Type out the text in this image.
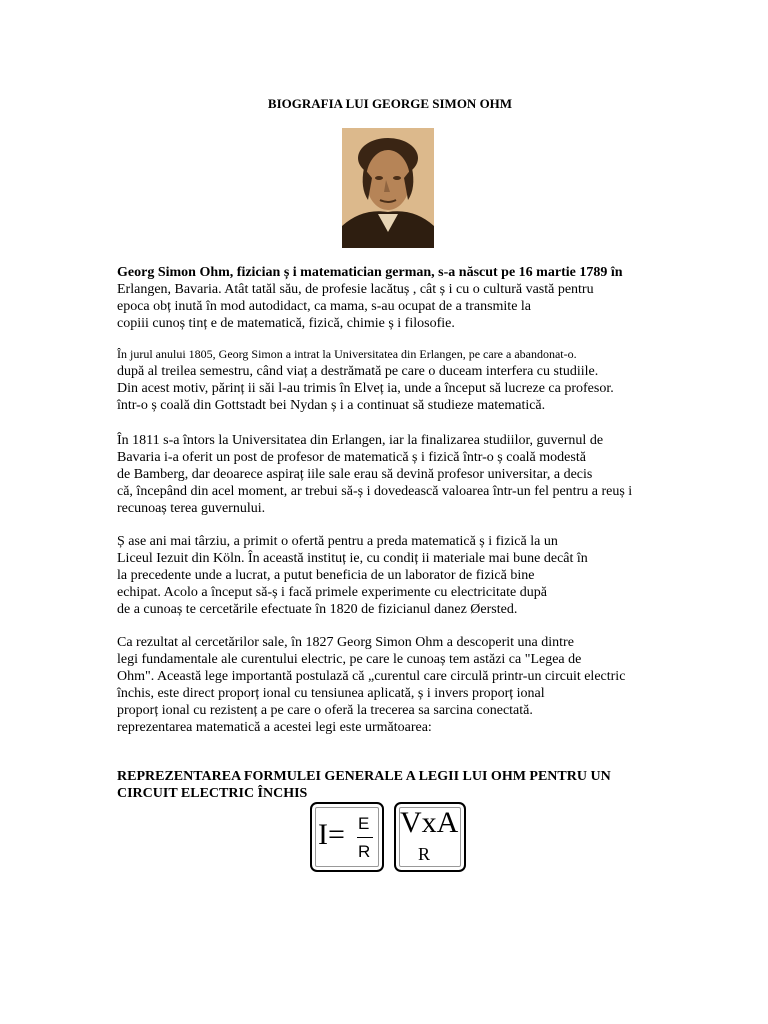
BIOGRAFIA LUI GEORGE SIMON OHM
Georg Simon Ohm, fizician ș i matematician german, s-a născut pe 16 martie 1789 în
Erlangen, Bavaria. Atât tatăl său, de profesie lacătuș , cât ș i cu o cultură vastă pentru
epoca obț inută în mod autodidact, ca mama, s-au ocupat de a transmite la
copiii cunoș tinț e de matematică, fizică, chimie ș i filosofie.
În jurul anului 1805, Georg Simon a intrat la Universitatea din Erlangen, pe care a abandonat-o.
după al treilea semestru, când viaț a destrămată pe care o duceam interfera cu studiile.
Din acest motiv, părinț ii săi l-au trimis în Elveț ia, unde a început să lucreze ca profesor.
într-o ș coală din Gottstadt bei Nydan ș i a continuat să studieze matematică.
În 1811 s-a întors la Universitatea din Erlangen, iar la finalizarea studiilor, guvernul de
Bavaria i-a oferit un post de profesor de matematică ș i fizică într-o ș coală modestă
de Bamberg, dar deoarece aspiraț iile sale erau să devină profesor universitar, a decis
că, începând din acel moment, ar trebui să-ș i dovedească valoarea într-un fel pentru a reuș i
recunoaș terea guvernului.
Ș ase ani mai târziu, a primit o ofertă pentru a preda matematică ș i fizică la un
Liceul Iezuit din Köln. În această instituț ie, cu condiț ii materiale mai bune decât în
la precedente unde a lucrat, a putut beneficia de un laborator de fizică bine
echipat. Acolo a început să-ș i facă primele experimente cu electricitate după
de a cunoaș te cercetările efectuate în 1820 de fizicianul danez Øersted.
Ca rezultat al cercetărilor sale, în 1827 Georg Simon Ohm a descoperit una dintre
legi fundamentale ale curentului electric, pe care le cunoaș tem astăzi ca "Legea de
Ohm". Această lege importantă postulază că „curentul care circulă printr-un circuit electric
închis, este direct proporț ional cu tensiunea aplicată, ș i invers proporț ional
proporț ional cu rezistenț a pe care o oferă la trecerea sa sarcina conectată.
reprezentarea matematică a acestei legi este următoarea:
REPREZENTAREA FORMULEI GENERALE A LEGII LUI OHM PENTRU UN
CIRCUIT ELECTRIC ÎNCHIS
I= E
R
VxA
R
